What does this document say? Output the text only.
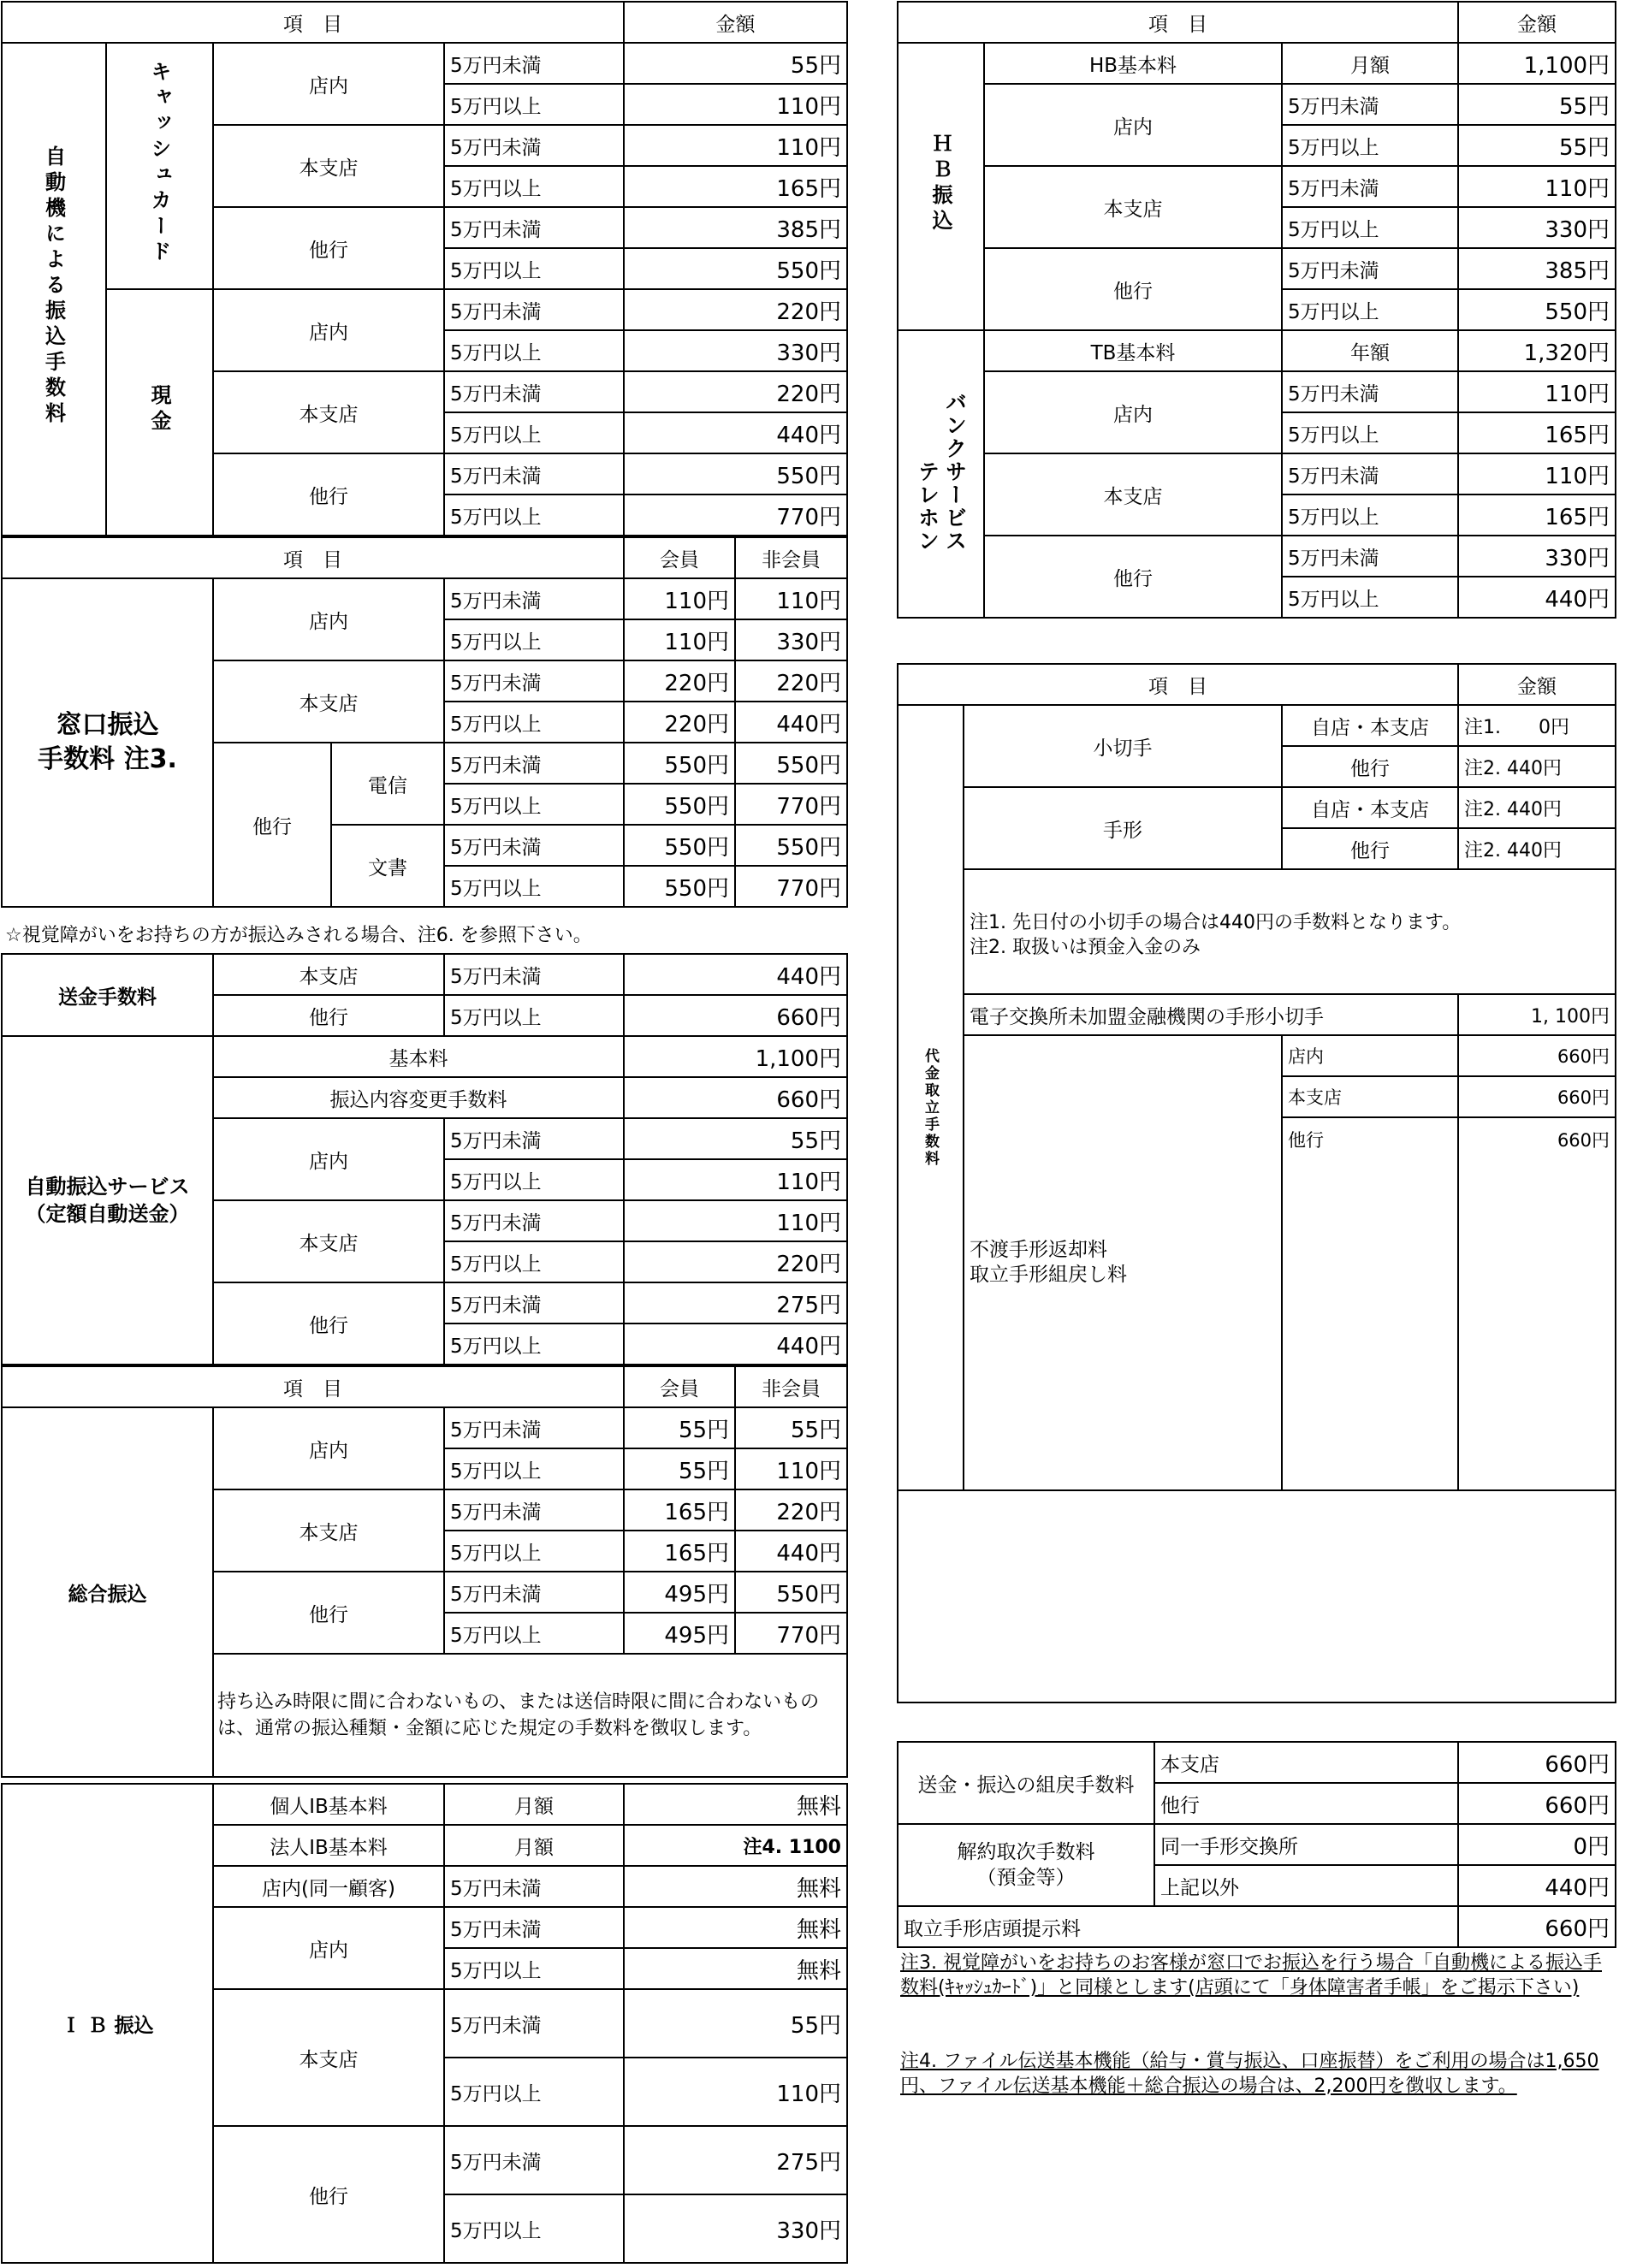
項　目				金額
自動機による振込手数料	キャッシュカード	店内	5万円未満	55円
			5万円以上	110円
		本支店	5万円未満	110円
			5万円以上	165円
		他行	5万円未満	385円
			5万円以上	550円
	現金	店内	5万円未満	220円
			5万円以上	330円
		本支店	5万円未満	220円
			5万円以上	440円
		他行	5万円未満	550円
			5万円以上	770円
項　目				会員	非会員

窓口振込
手数料 注3.	店内		5万円未満	110円	110円
			5万円以上	110円	330円
	本支店		5万円未満	220円	220円
			5万円以上	220円	440円
	他行	電信	5万円未満	550円	550円
			5万円以上	550円	770円
		文書	5万円未満	550円	550円
			5万円以上	550円	770円
☆視覚障がいをお持ちの方が振込みされる場合、注6. を参照下さい。
送金手数料	本支店	5万円未満	440円
	他行	5万円以上	660円
自動振込サービス
（定額自動送金）	基本料		1,100円
	振込内容変更手数料		660円
	店内	5万円未満	55円
		5万円以上	110円
	本支店	5万円未満	110円
		5万円以上	220円
	他行	5万円未満	275円
		5万円以上	440円
項　目			会員	非会員
総合振込	店内	5万円未満	55円	55円
		5万円以上	55円	110円
	本支店	5万円未満	165円	220円
		5万円以上	165円	440円
	他行	5万円未満	495円	550円
		5万円以上	495円	770円
	持ち込み時限に間に合わないもの、または送信時限に間に合わないものは、通常の振込種類・金額に応じた規定の手数料を徴収します。			
Ｉ Ｂ 振込	個人IB基本料	月額	無料
	法人IB基本料	月額	注4. 1100
	店内(同一顧客)	5万円未満	無料
	店内	5万円未満	無料
		5万円以上	無料
	本支店	5万円未満	55円
		5万円以上	110円
	他行	5万円未満	275円
		5万円以上	330円
項　目			金額
ＨＢ振込	HB基本料	月額	1,100円
	店内	5万円未満	55円
		5万円以上	55円
	本支店	5万円未満	110円
		5万円以上	330円
	他行	5万円未満	385円
		5万円以上	550円
テレホン バンクサービス	TB基本料	年額	1,320円
	店内	5万円未満	110円
		5万円以上	165円
	本支店	5万円未満	110円
		5万円以上	165円
	他行	5万円未満	330円
		5万円以上	440円
項　目			金額
代金取立手数料	小切手	自店・本支店	注1.　　0円
		他行	注2. 440円
	手形	自店・本支店	注2. 440円
		他行	注2. 440円

	注1. 先日付の小切手の場合は440円の手数料となります。
注2. 取扱いは預金入金のみ		

	電子交換所未加盟金融機関の手形小切手		1, 100円

	不渡手形返却料
取立手形組戻し料	店内	660円
		本支店	660円
		他行	660円

送金・振込の組戻手数料	本支店	660円
	他行	660円

解約取次手数料
（預金等）	同一手形交換所	0円
	上記以外	440円
取立手形店頭提示料		660円
注3. 視覚障がいをお持ちのお客様が窓口でお振込を行う場合「自動機による振込手数料(ｷｬｯｼｭｶｰﾄﾞ)」と同様とします(店頭にて「身体障害者手帳」をご掲示下さい)
注4. ファイル伝送基本機能（給与・賞与振込、口座振替）をご利用の場合は1,650円、ファイル伝送基本機能＋総合振込の場合は、2,200円を徴収します。
